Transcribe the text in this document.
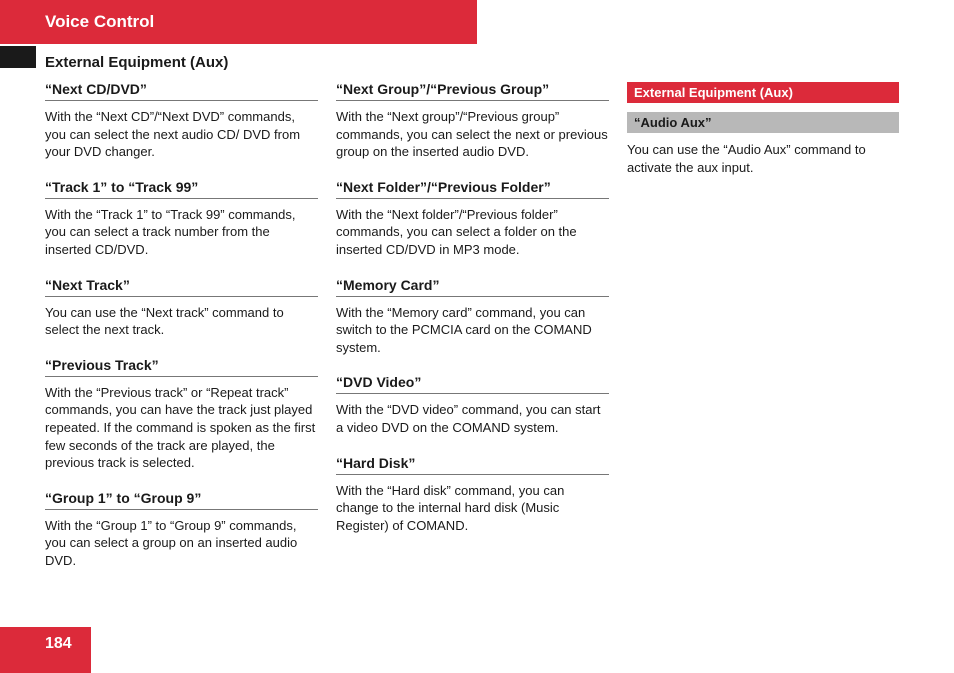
Voice Control
External Equipment (Aux)
“Next CD/DVD”
With the “Next CD”/“Next DVD” commands, you can select the next audio CD/ DVD from your DVD changer.
“Track 1” to “Track 99”
With the “Track 1” to “Track 99” commands, you can select a track number from the inserted CD/DVD.
“Next Track”
You can use the “Next track” command to select the next track.
“Previous Track”
With the “Previous track” or “Repeat track” commands, you can have the track just played repeated. If the command is spoken as the first few seconds of the track are played, the previous track is selected.
“Group 1” to “Group 9”
With the “Group 1” to “Group 9” commands, you can select a group on an inserted audio DVD.
“Next Group”/“Previous Group”
With the “Next group”/“Previous group” commands, you can select the next or previous group on the inserted audio DVD.
“Next Folder”/“Previous Folder”
With the “Next folder”/“Previous folder” commands, you can select a folder on the inserted CD/DVD in MP3 mode.
“Memory Card”
With the “Memory card” command, you can switch to the PCMCIA card on the COMAND system.
“DVD Video”
With the “DVD video” command, you can start a video DVD on the COMAND system.
“Hard Disk”
With the “Hard disk” command, you can change to the internal hard disk (Music Register) of COMAND.
External Equipment (Aux)
“Audio Aux”
You can use the “Audio Aux” command to activate the aux input.
184
